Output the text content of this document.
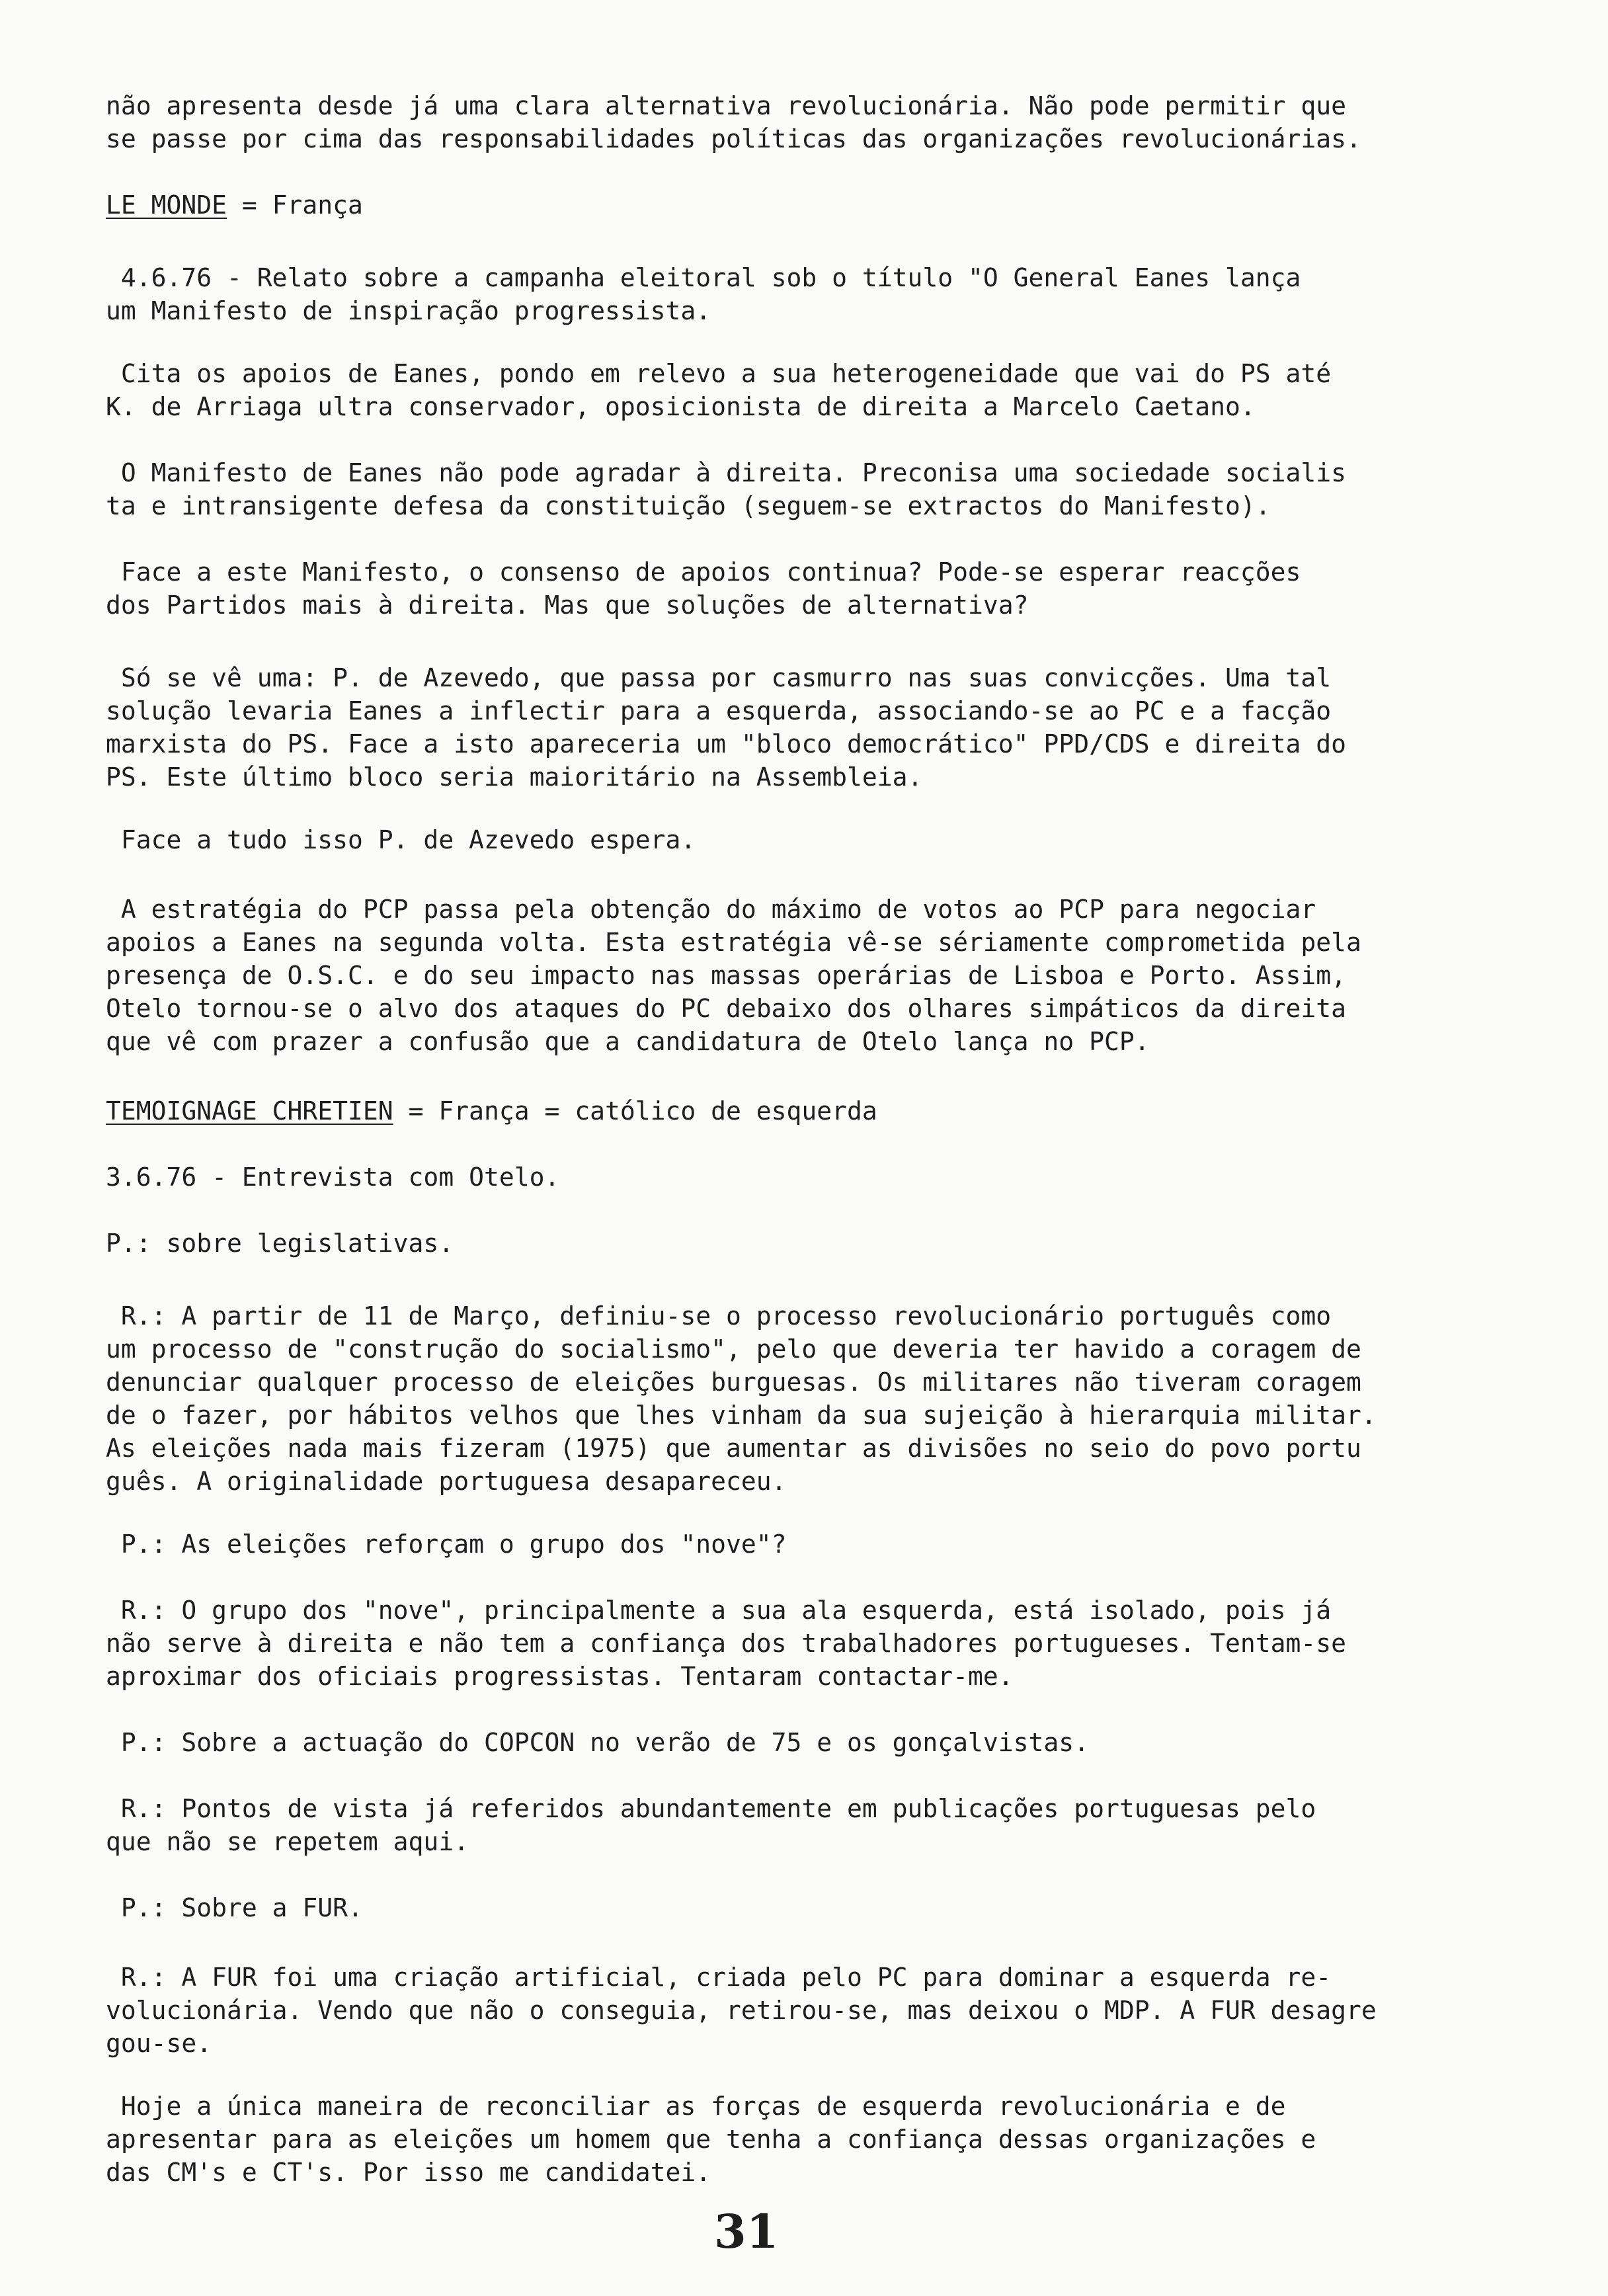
não apresenta desde já uma clara alternativa revolucionária. Não pode permitir que
se passe por cima das responsabilidades políticas das organizações revolucionárias.
LE MONDE = França
4.6.76 - Relato sobre a campanha eleitoral sob o título "O General Eanes lança
um Manifesto de inspiração progressista.
Cita os apoios de Eanes, pondo em relevo a sua heterogeneidade que vai do PS até
K. de Arriaga ultra conservador, oposicionista de direita a Marcelo Caetano.
O Manifesto de Eanes não pode agradar à direita. Preconisa uma sociedade socialis
ta e intransigente defesa da constituição (seguem-se extractos do Manifesto).
Face a este Manifesto, o consenso de apoios continua? Pode-se esperar reacções
dos Partidos mais à direita. Mas que soluções de alternativa?
Só se vê uma: P. de Azevedo, que passa por casmurro nas suas convicções. Uma tal
solução levaria Eanes a inflectir para a esquerda, associando-se ao PC e a facção
marxista do PS. Face a isto apareceria um "bloco democrático" PPD/CDS e direita do
PS. Este último bloco seria maioritário na Assembleia.
Face a tudo isso P. de Azevedo espera.
A estratégia do PCP passa pela obtenção do máximo de votos ao PCP para negociar
apoios a Eanes na segunda volta. Esta estratégia vê-se sériamente comprometida pela
presença de O.S.C. e do seu impacto nas massas operárias de Lisboa e Porto. Assim,
Otelo tornou-se o alvo dos ataques do PC debaixo dos olhares simpáticos da direita
que vê com prazer a confusão que a candidatura de Otelo lança no PCP.
TEMOIGNAGE CHRETIEN = França = católico de esquerda
3.6.76 - Entrevista com Otelo.
P.: sobre legislativas.
R.: A partir de 11 de Março, definiu-se o processo revolucionário português como
um processo de "construção do socialismo", pelo que deveria ter havido a coragem de
denunciar qualquer processo de eleições burguesas. Os militares não tiveram coragem
de o fazer, por hábitos velhos que lhes vinham da sua sujeição à hierarquia militar.
As eleições nada mais fizeram (1975) que aumentar as divisões no seio do povo portu
guês. A originalidade portuguesa desapareceu.
P.: As eleições reforçam o grupo dos "nove"?
R.: O grupo dos "nove", principalmente a sua ala esquerda, está isolado, pois já
não serve à direita e não tem a confiança dos trabalhadores portugueses. Tentam-se
aproximar dos oficiais progressistas. Tentaram contactar-me.
P.: Sobre a actuação do COPCON no verão de 75 e os gonçalvistas.
R.: Pontos de vista já referidos abundantemente em publicações portuguesas pelo
que não se repetem aqui.
P.: Sobre a FUR.
R.: A FUR foi uma criação artificial, criada pelo PC para dominar a esquerda re-
volucionária. Vendo que não o conseguia, retirou-se, mas deixou o MDP. A FUR desagre
gou-se.
Hoje a única maneira de reconciliar as forças de esquerda revolucionária e de
apresentar para as eleições um homem que tenha a confiança dessas organizações e
das CM's e CT's. Por isso me candidatei.
31
